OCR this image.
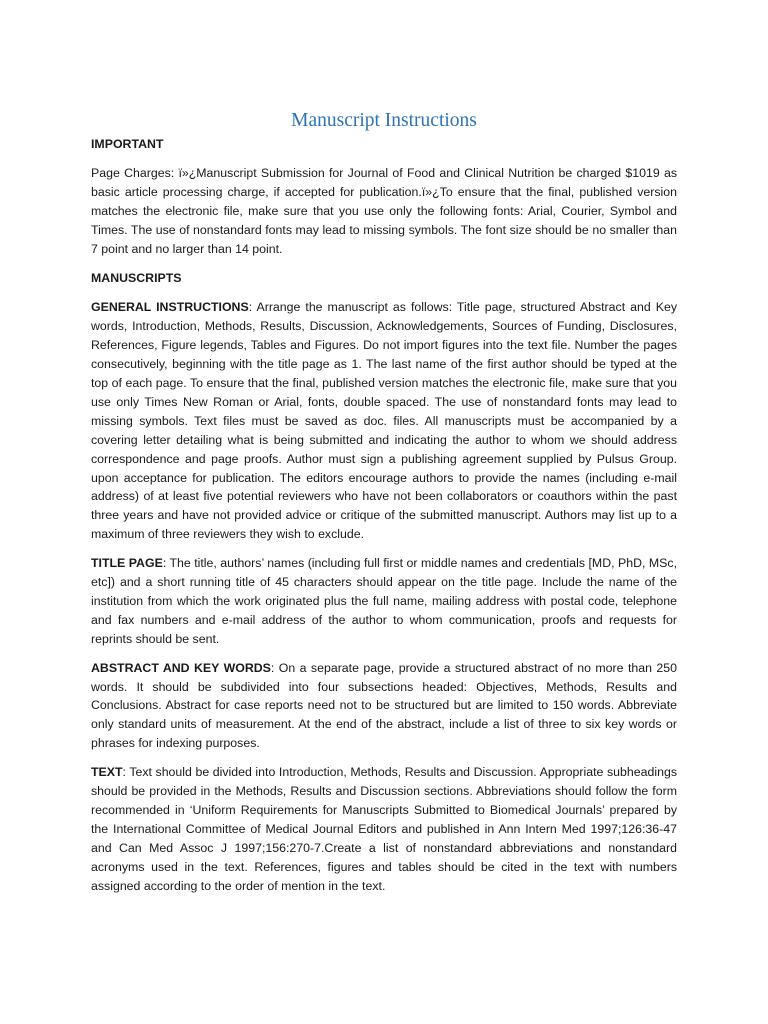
Manuscript Instructions

IMPORTANT

Page Charges: ï»¿Manuscript Submission for Journal of Food and Clinical Nutrition be charged $1019 as basic article processing charge, if accepted for publication.ï»¿To ensure that the final, published version matches the electronic file, make sure that you use only the following fonts: Arial, Courier, Symbol and Times. The use of nonstandard fonts may lead to missing symbols. The font size should be no smaller than 7 point and no larger than 14 point.

MANUSCRIPTS

GENERAL INSTRUCTIONS: Arrange the manuscript as follows: Title page, structured Abstract and Key words, Introduction, Methods, Results, Discussion, Acknowledgements, Sources of Funding, Disclosures, References, Figure legends, Tables and Figures. Do not import figures into the text file. Number the pages consecutively, beginning with the title page as 1. The last name of the first author should be typed at the top of each page. To ensure that the final, published version matches the electronic file, make sure that you use only Times New Roman or Arial, fonts, double spaced. The use of nonstandard fonts may lead to missing symbols. Text files must be saved as doc. files. All manuscripts must be accompanied by a covering letter detailing what is being submitted and indicating the author to whom we should address correspondence and page proofs. Author must sign a publishing agreement supplied by Pulsus Group. upon acceptance for publication. The editors encourage authors to provide the names (including e-mail address) of at least five potential reviewers who have not been collaborators or coauthors within the past three years and have not provided advice or critique of the submitted manuscript. Authors may list up to a maximum of three reviewers they wish to exclude.

TITLE PAGE: The title, authors’ names (including full first or middle names and credentials [MD, PhD, MSc, etc]) and a short running title of 45 characters should appear on the title page. Include the name of the institution from which the work originated plus the full name, mailing address with postal code, telephone and fax numbers and e-mail address of the author to whom communication, proofs and requests for reprints should be sent.

ABSTRACT AND KEY WORDS: On a separate page, provide a structured abstract of no more than 250 words. It should be subdivided into four subsections headed: Objectives, Methods, Results and Conclusions. Abstract for case reports need not to be structured but are limited to 150 words. Abbreviate only standard units of measurement. At the end of the abstract, include a list of three to six key words or phrases for indexing purposes.

TEXT: Text should be divided into Introduction, Methods, Results and Discussion. Appropriate subheadings should be provided in the Methods, Results and Discussion sections. Abbreviations should follow the form recommended in ‘Uniform Requirements for Manuscripts Submitted to Biomedical Journals’ prepared by the International Committee of Medical Journal Editors and published in Ann Intern Med 1997;126:36-47 and Can Med Assoc J 1997;156:270-7.Create a list of nonstandard abbreviations and nonstandard acronyms used in the text. References, figures and tables should be cited in the text with numbers assigned according to the order of mention in the text.
